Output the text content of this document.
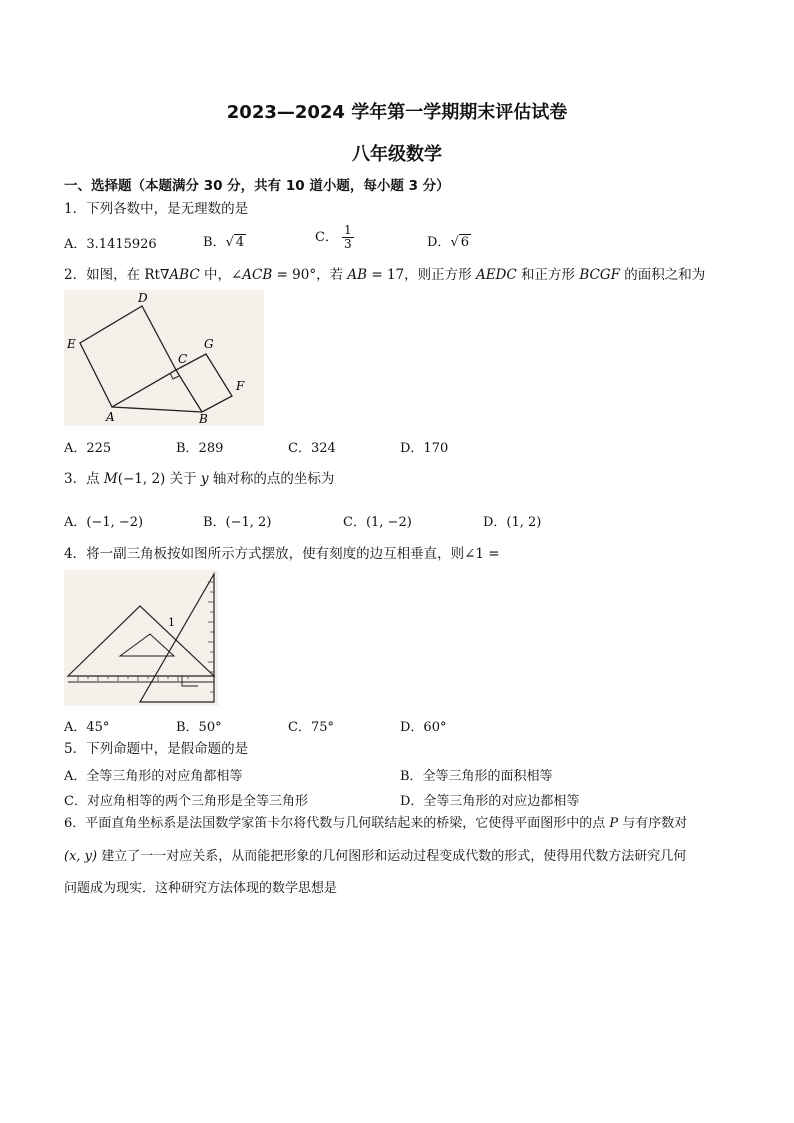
2023—2024 学年第一学期期末评估试卷
八年级数学
一、选择题（本题满分 30 分，共有 10 道小题，每小题 3 分）
1．下列各数中，是无理数的是
A．3.1415926	B．√ 4	C． $\frac{1}{3}$	D．√ 6
2．如图，在 Rt∇ABC 中，∠ACB = 90°，若 AB = 17，则正方形 AEDC 和正方形 BCGF 的面积之和为
D
E
C
G
F
A	B
A．225	B．289	C．324	D．170
3．点 M(−1, 2) 关于 y 轴对称的点的坐标为
A．(−1, −2)	B．(−1, 2)	C．(1, −2)	D．(1, 2)
4．将一副三角板按如图所示方式摆放，使有刻度的边互相垂直，则∠1 =
1
A．45°	B．50°	C．75°	D．60°
5．下列命题中，是假命题的是
A．全等三角形的对应角都相等	B．全等三角形的面积相等
C．对应角相等的两个三角形是全等三角形	D．全等三角形的对应边都相等
6．平面直角坐标系是法国数学家笛卡尔将代数与几何联结起来的桥梁，它使得平面图形中的点 P 与有序数对
(x, y) 建立了一一对应关系，从而能把形象的几何图形和运动过程变成代数的形式，使得用代数方法研究几何
问题成为现实．这种研究方法体现的数学思想是
